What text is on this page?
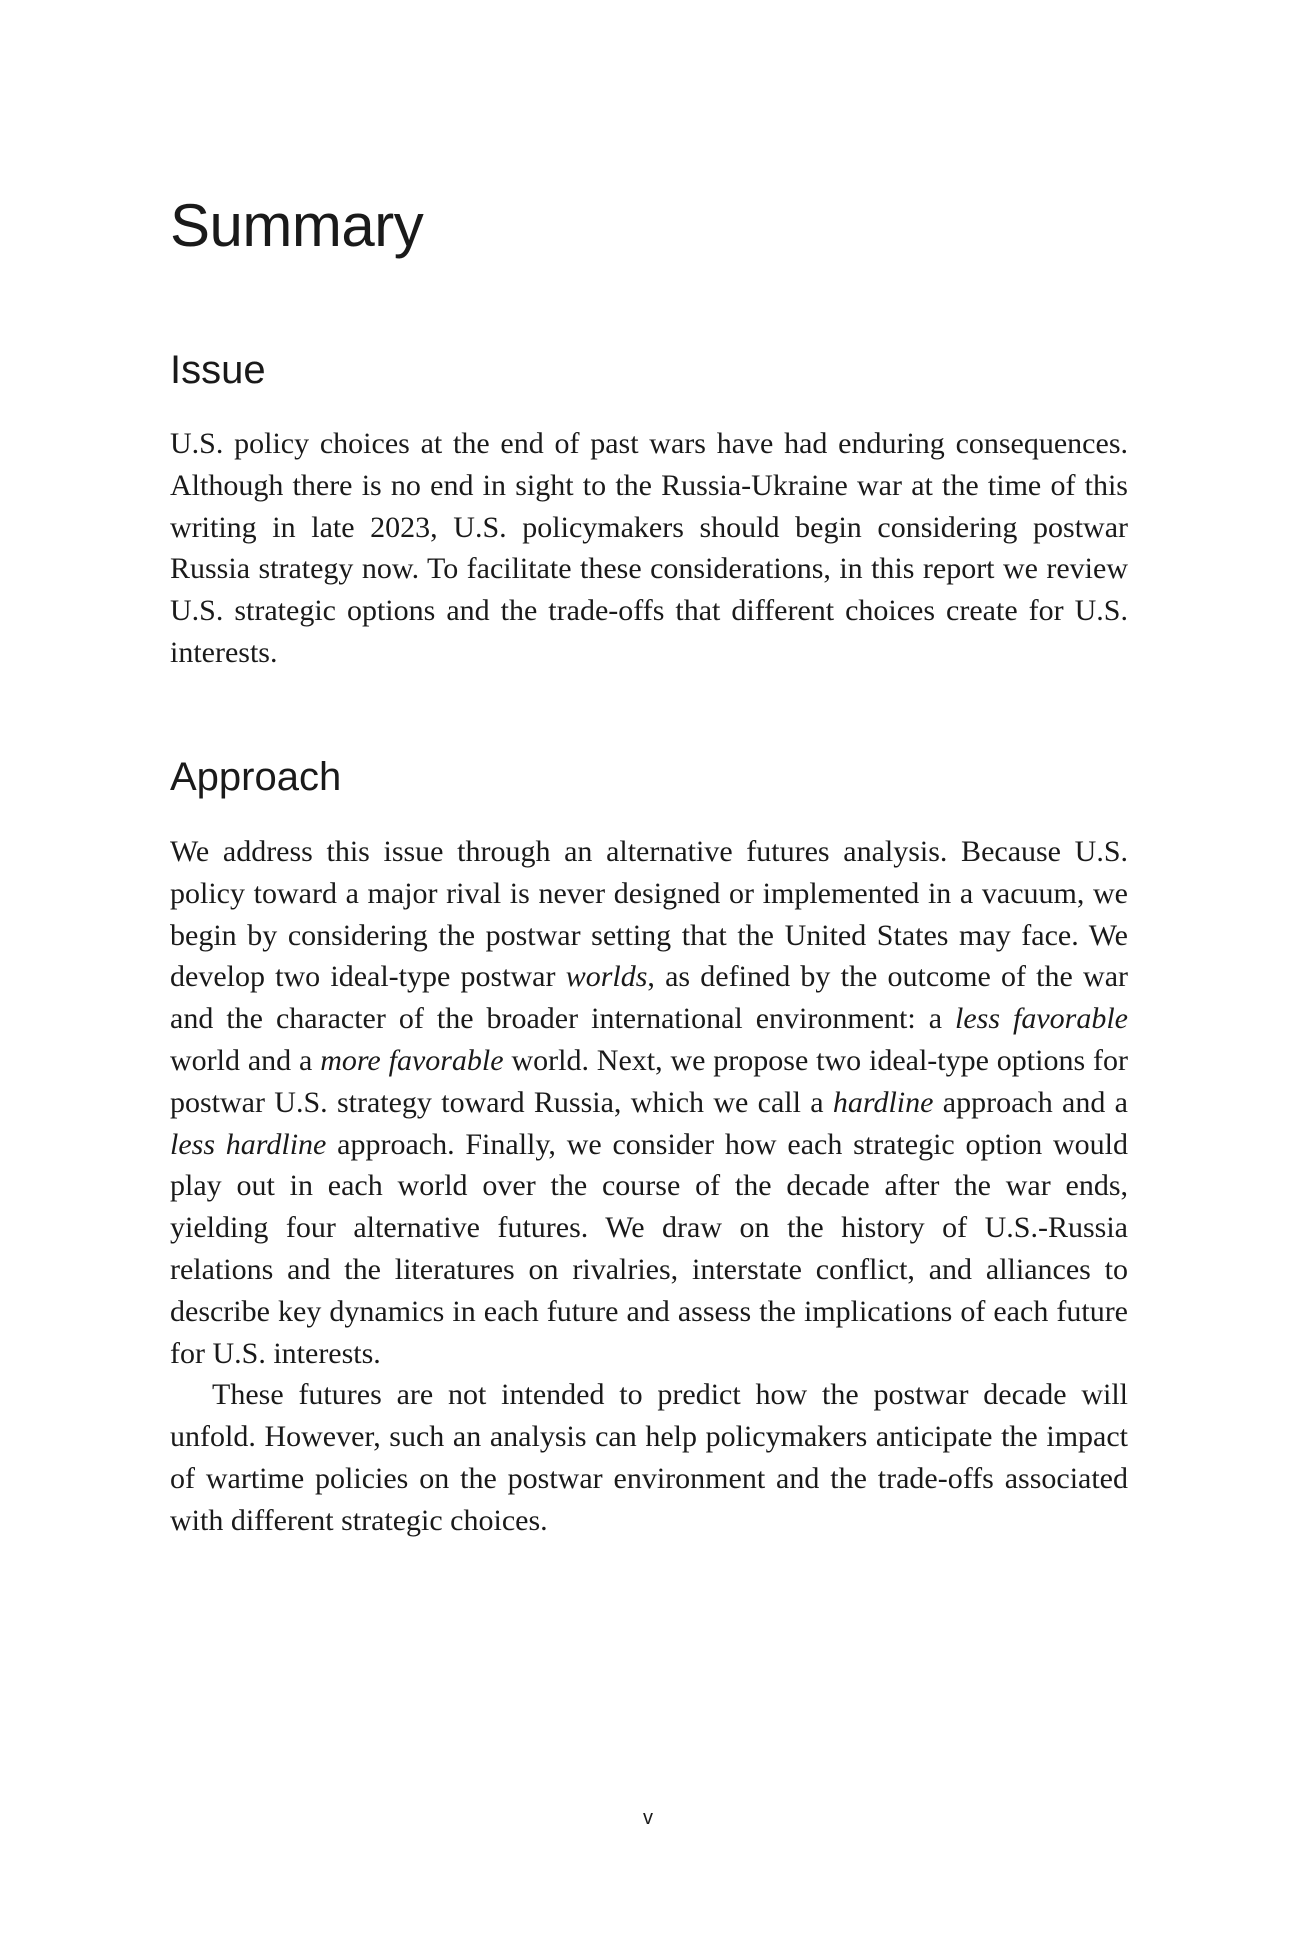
Summary
Issue

U.S. policy choices at the end of past wars have had enduring consequences. Although there is no end in sight to the Russia-Ukraine war at the time of this writing in late 2023, U.S. policymakers should begin considering postwar Russia strategy now. To facilitate these considerations, in this report we review U.S. strategic options and the trade-offs that different choices create for U.S. interests.

Approach

We address this issue through an alternative futures analysis. Because U.S. policy toward a major rival is never designed or implemented in a vacuum, we begin by considering the postwar setting that the United States may face. We develop two ideal-type postwar worlds, as defined by the outcome of the war and the character of the broader international environment: a less favorable world and a more favorable world. Next, we propose two ideal-type options for postwar U.S. strategy toward Russia, which we call a hardline approach and a less hardline approach. Finally, we consider how each strategic option would play out in each world over the course of the decade after the war ends, yielding four alternative futures. We draw on the history of U.S.-Russia relations and the literatures on rivalries, interstate conflict, and alliances to describe key dynamics in each future and assess the implications of each future for U.S. interests.

These futures are not intended to predict how the postwar decade will unfold. However, such an analysis can help policymakers anticipate the impact of wartime policies on the postwar environment and the trade-offs associated with different strategic choices.

v
